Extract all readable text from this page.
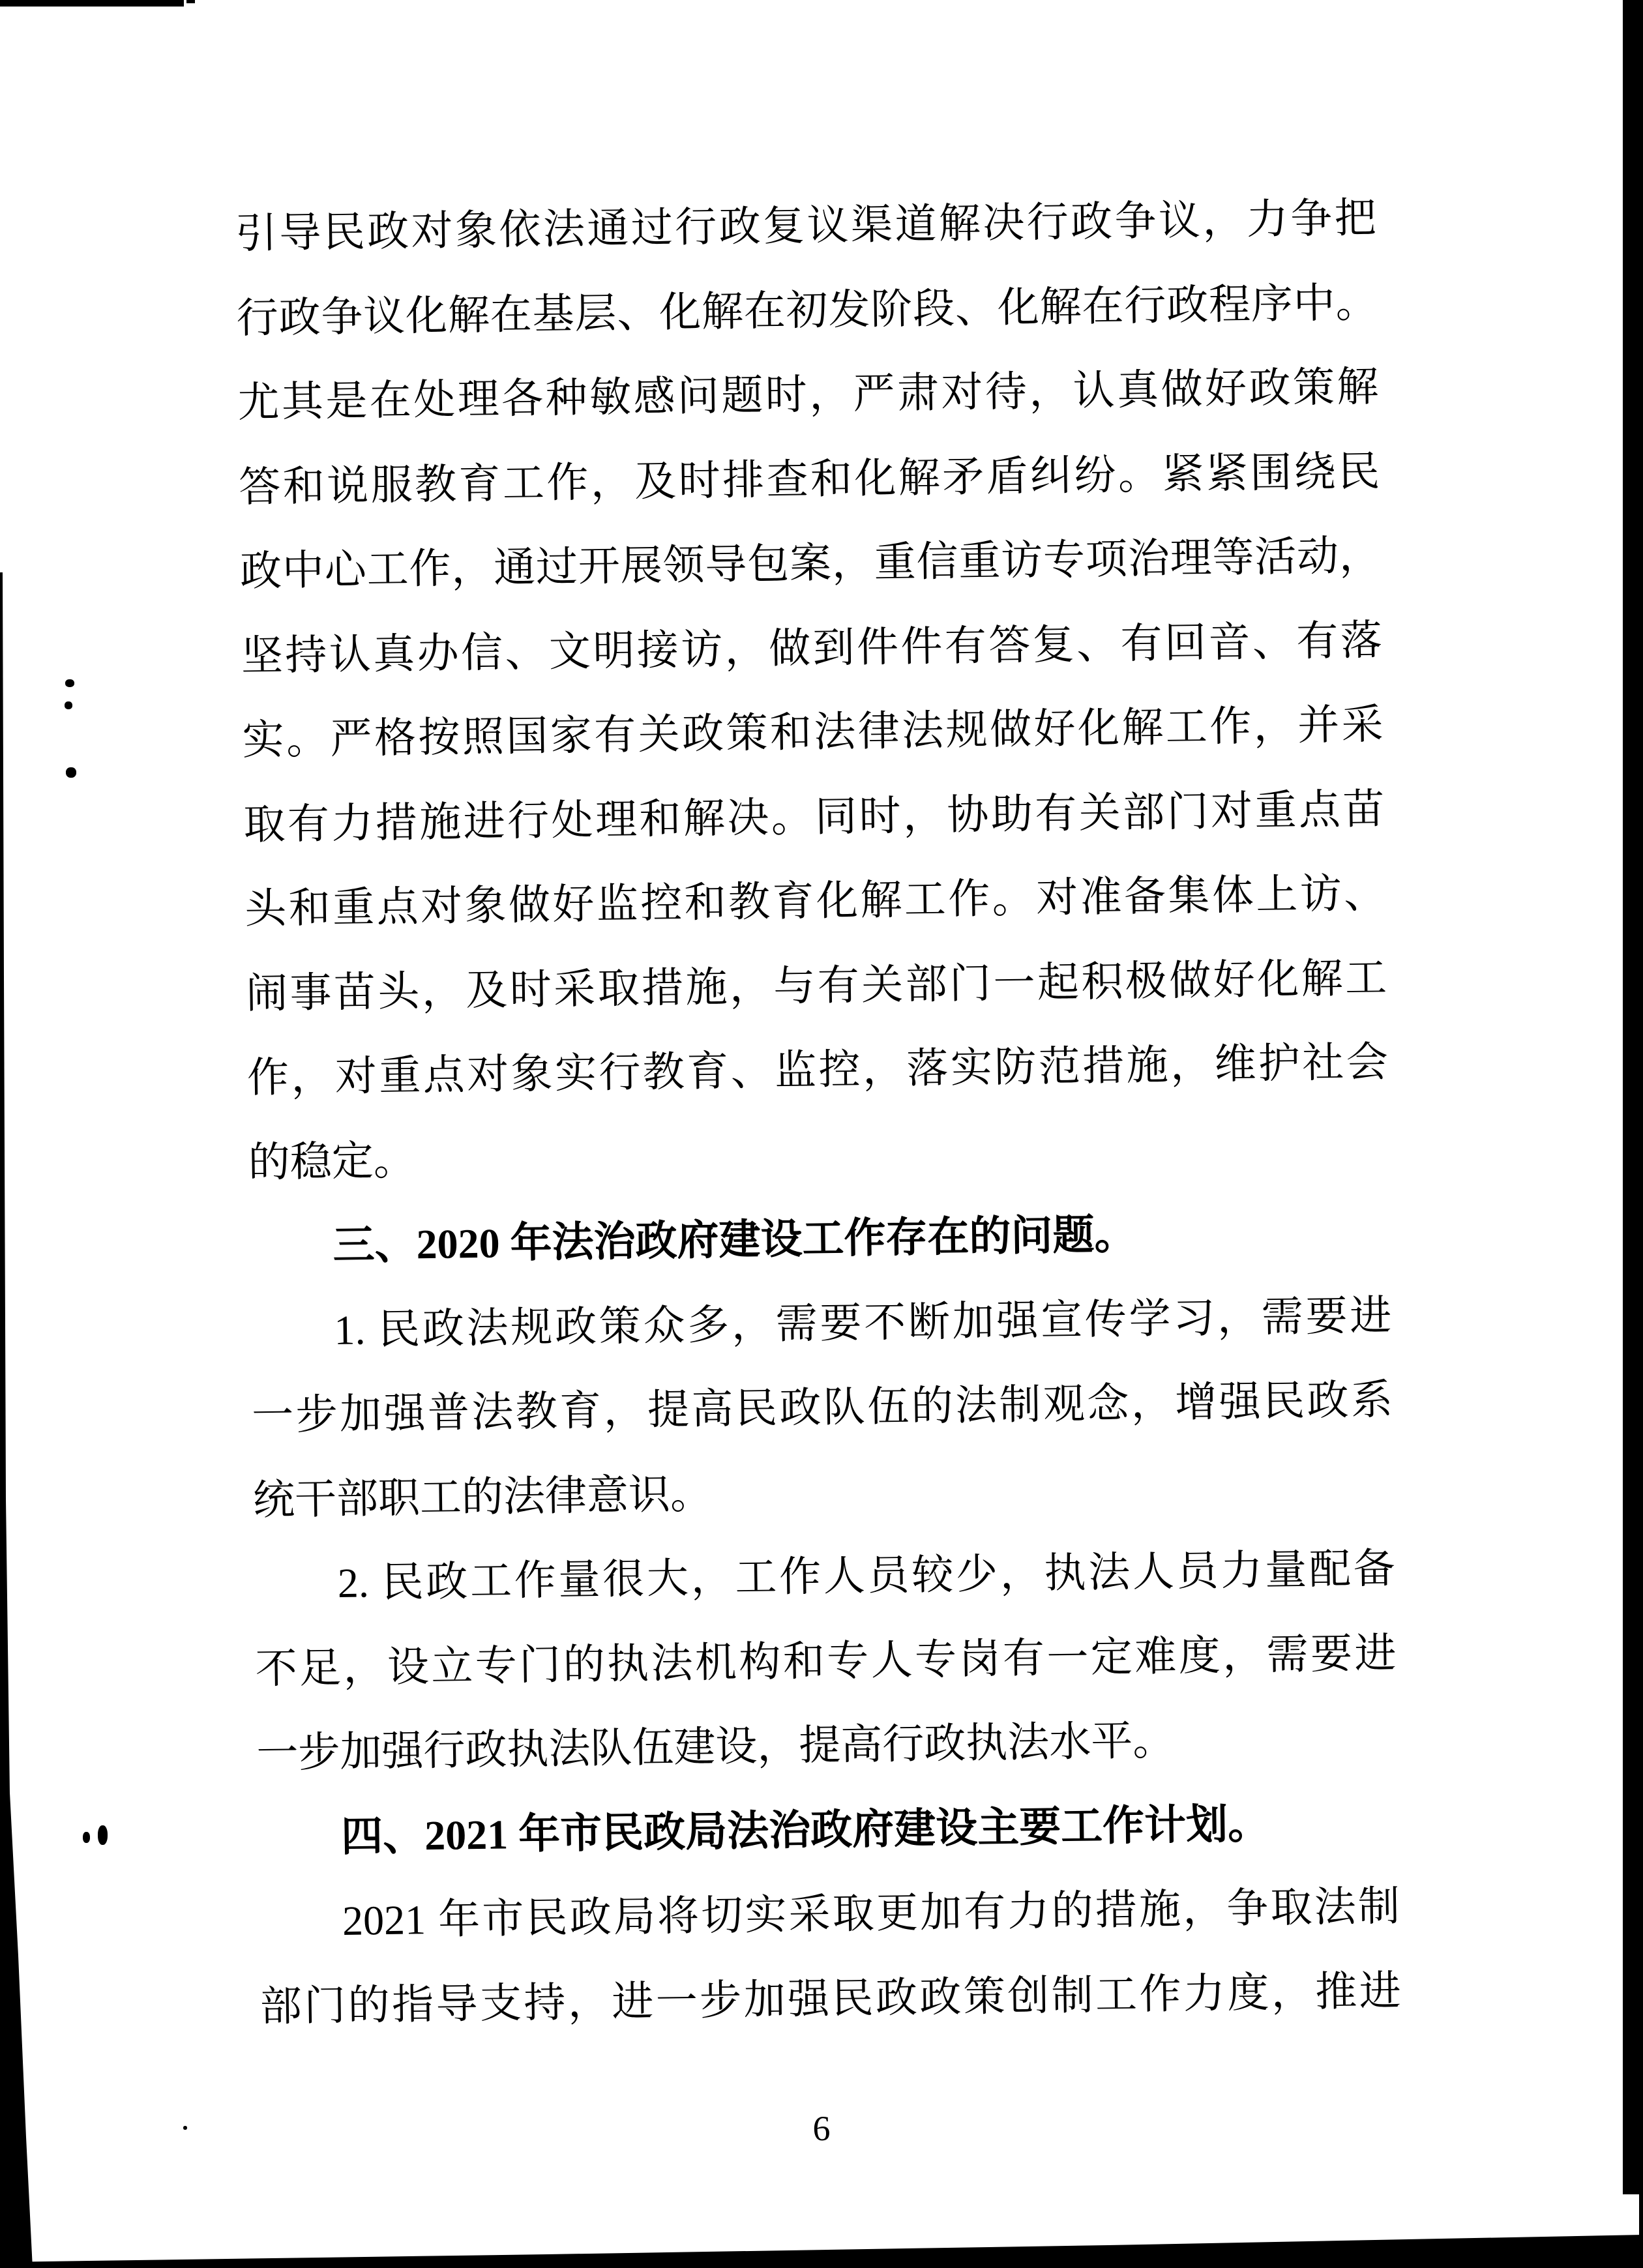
引导民政对象依法通过行政复议渠道解决行政争议，力争把
行政争议化解在基层、化解在初发阶段、化解在行政程序中。
尤其是在处理各种敏感问题时，严肃对待，认真做好政策解
答和说服教育工作，及时排查和化解矛盾纠纷。紧紧围绕民
政中心工作，通过开展领导包案，重信重访专项治理等活动，
坚持认真办信、文明接访，做到件件有答复、有回音、有落
实。严格按照国家有关政策和法律法规做好化解工作，并采
取有力措施进行处理和解决。同时，协助有关部门对重点苗
头和重点对象做好监控和教育化解工作。对准备集体上访、
闹事苗头，及时采取措施，与有关部门一起积极做好化解工
作，对重点对象实行教育、监控，落实防范措施，维护社会
的稳定。
三、2020 年法治政府建设工作存在的问题。
1. 民政法规政策众多，需要不断加强宣传学习，需要进
一步加强普法教育，提高民政队伍的法制观念，增强民政系
统干部职工的法律意识。
2. 民政工作量很大，工作人员较少，执法人员力量配备
不足，设立专门的执法机构和专人专岗有一定难度，需要进
一步加强行政执法队伍建设，提高行政执法水平。
四、2021 年市民政局法治政府建设主要工作计划。
2021 年市民政局将切实采取更加有力的措施，争取法制
部门的指导支持，进一步加强民政政策创制工作力度，推进
6
